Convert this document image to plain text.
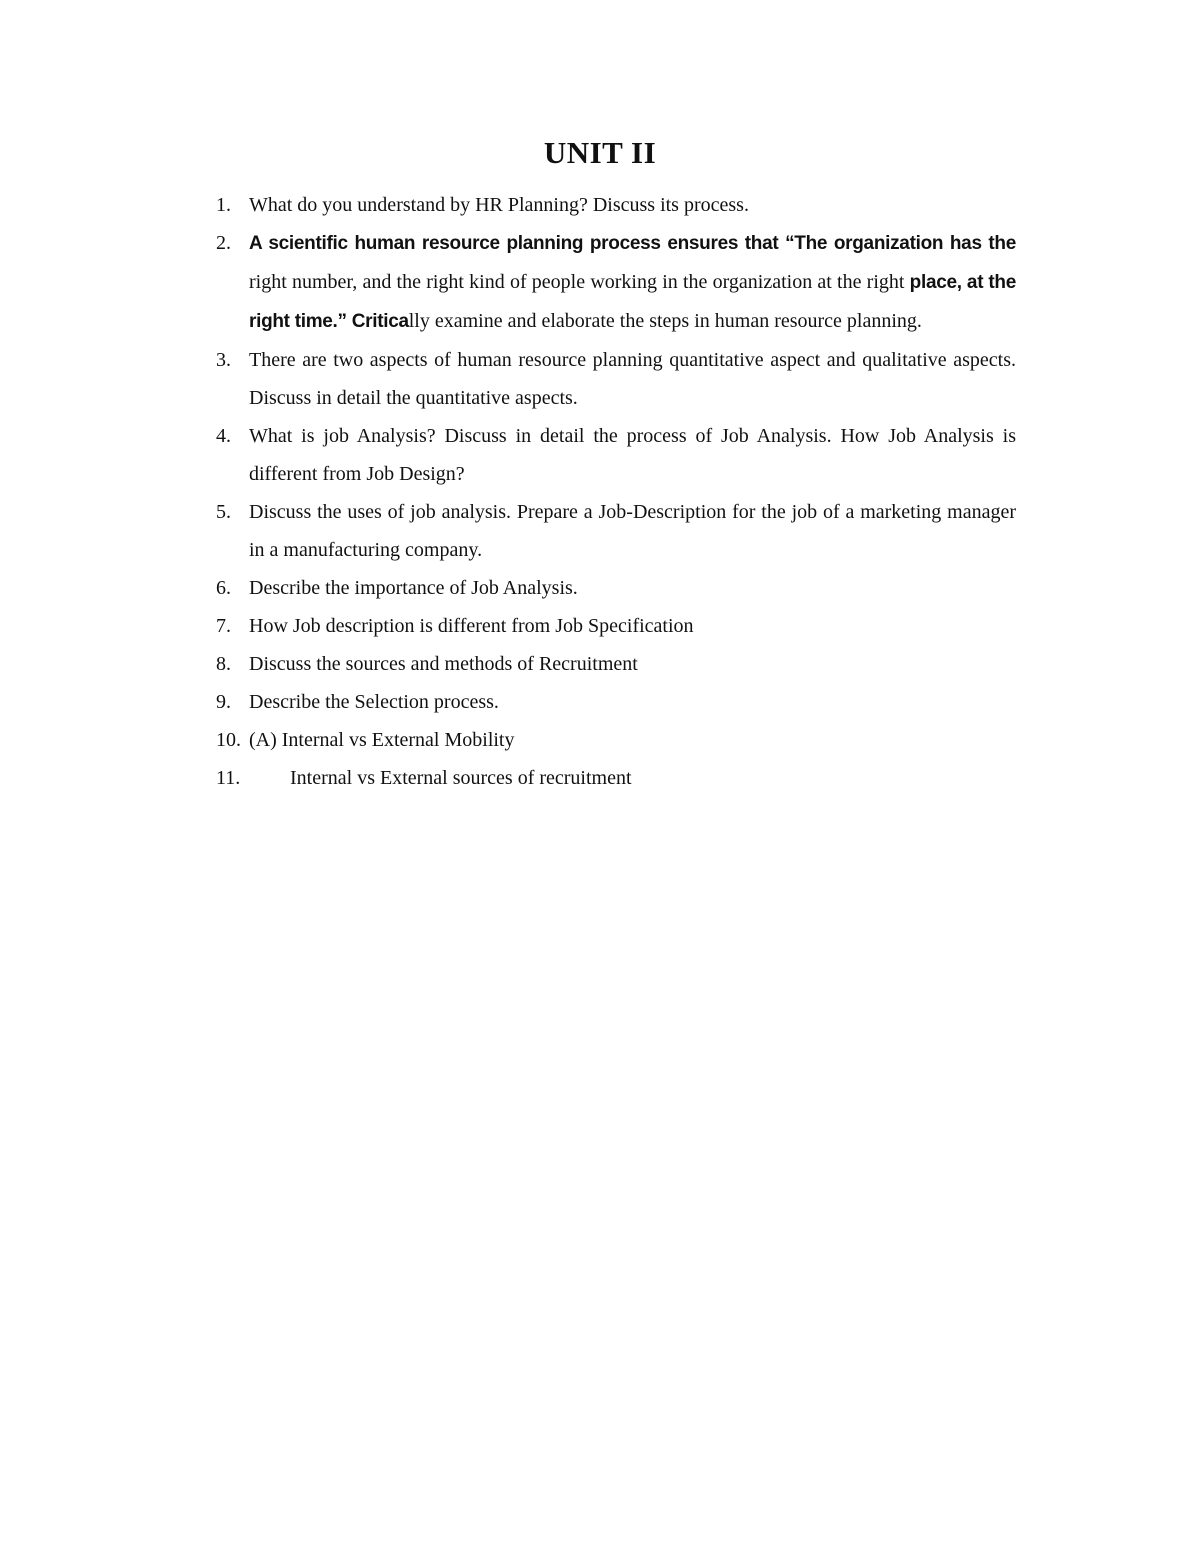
UNIT II
1. What do you understand by HR Planning? Discuss its process.
2. A scientific human resource planning process ensures that “The organization has the right number, and the right kind of people working in the organization at the right place, at the right time.” Critically examine and elaborate the steps in human resource planning.
3. There are two aspects of human resource planning quantitative aspect and qualitative aspects. Discuss in detail the quantitative aspects.
4. What is job Analysis? Discuss in detail the process of Job Analysis. How Job Analysis is different from Job Design?
5. Discuss the uses of job analysis. Prepare a Job-Description for the job of a marketing manager in a manufacturing company.
6. Describe the importance of Job Analysis.
7. How Job description is different from Job Specification
8. Discuss the sources and methods of Recruitment
9. Describe the Selection process.
10. (A) Internal vs External Mobility
11. Internal vs External sources of recruitment
